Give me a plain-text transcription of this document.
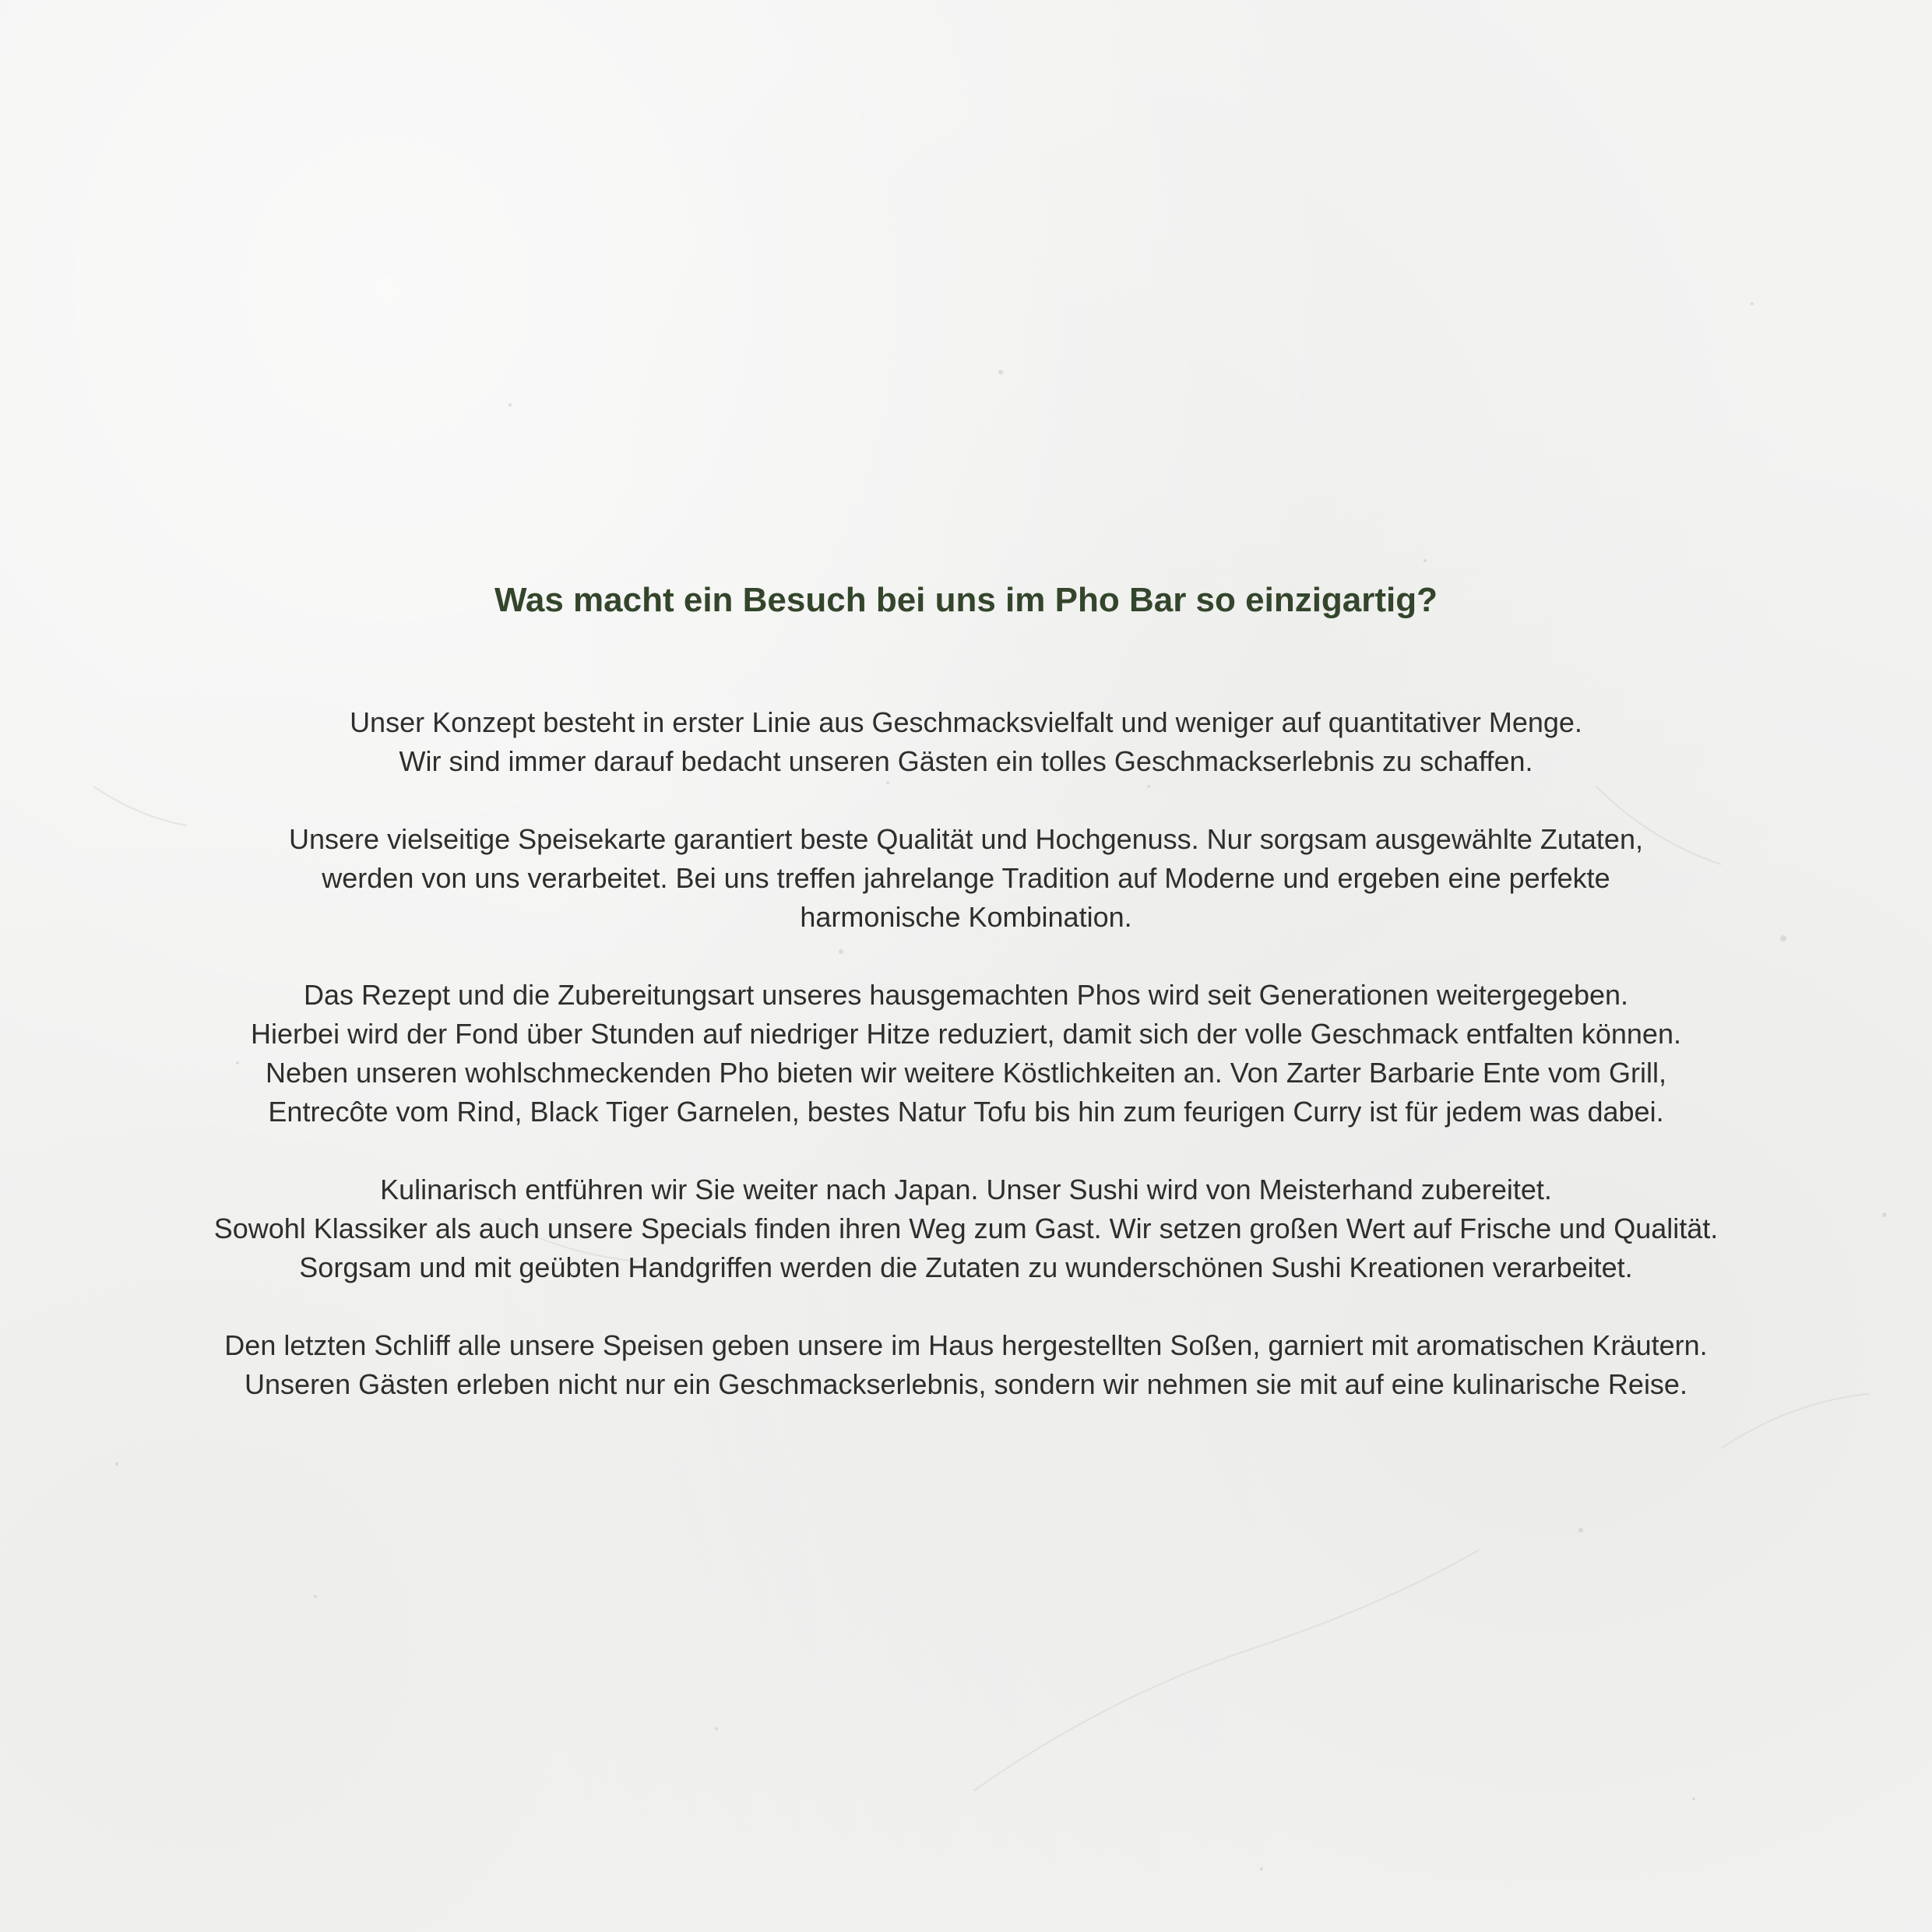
Was macht ein Besuch bei uns im Pho Bar so einzigartig?

Unser Konzept besteht in erster Linie aus Geschmacksvielfalt und weniger auf quantitativer Menge.
Wir sind immer darauf bedacht unseren Gästen ein tolles Geschmackserlebnis zu schaffen.

Unsere vielseitige Speisekarte garantiert beste Qualität und Hochgenuss. Nur sorgsam ausgewählte Zutaten,
werden von uns verarbeitet. Bei uns treffen jahrelange Tradition auf Moderne und ergeben eine perfekte
harmonische Kombination.

Das Rezept und die Zubereitungsart unseres hausgemachten Phos wird seit Generationen weitergegeben.
Hierbei wird der Fond über Stunden auf niedriger Hitze reduziert, damit sich der volle Geschmack entfalten können.
Neben unseren wohlschmeckenden Pho bieten wir weitere Köstlichkeiten an. Von Zarter Barbarie Ente vom Grill,
Entrecôte vom Rind, Black Tiger Garnelen, bestes Natur Tofu bis hin zum feurigen Curry ist für jedem was dabei.

Kulinarisch entführen wir Sie weiter nach Japan. Unser Sushi wird von Meisterhand zubereitet.
Sowohl Klassiker als auch unsere Specials finden ihren Weg zum Gast. Wir setzen großen Wert auf Frische und Qualität.
Sorgsam und mit geübten Handgriffen werden die Zutaten zu wunderschönen Sushi Kreationen verarbeitet.

Den letzten Schliff alle unsere Speisen geben unsere im Haus hergestellten Soßen, garniert mit aromatischen Kräutern.
Unseren Gästen erleben nicht nur ein Geschmackserlebnis, sondern wir nehmen sie mit auf eine kulinarische Reise.
